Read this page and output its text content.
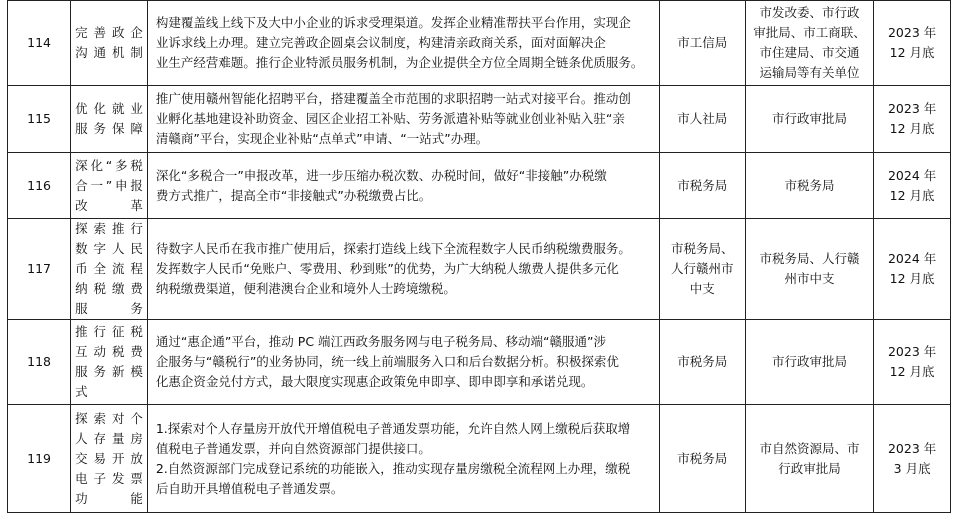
114	完善政企
沟通机制	构建覆盖线上线下及大中小企业的诉求受理渠道。发挥企业精准帮扶平台作用，实现企
业诉求线上办理。建立完善政企圆桌会议制度，构建清亲政商关系，面对面解决企
业生产经营难题。推行企业特派员服务机制，为企业提供全方位全周期全链条优质服务。	市工信局	市发改委、市行政
审批局、市工商联、
市住建局、市交通
运输局等有关单位	2023 年
12 月底

115	优化就业
服务保障	推广使用赣州智能化招聘平台，搭建覆盖全市范围的求职招聘一站式对接平台。推动创
业孵化基地建设补助资金、园区企业招工补贴、劳务派遣补贴等就业创业补贴入驻“亲
清赣商”平台，实现企业补贴“点单式”申请、“一站式”办理。	市人社局	市行政审批局	2023 年
12 月底

116	深化“多税
合一”申报
改革	深化“多税合一”申报改革，进一步压缩办税次数、办税时间，做好“非接触”办税缴
费方式推广，提高全市“非接触式”办税缴费占比。	市税务局	市税务局	2024 年
12 月底

117	探索推行
数字人民
币全流程
纳税缴费
服务	待数字人民币在我市推广使用后，探索打造线上线下全流程数字人民币纳税缴费服务。
发挥数字人民币“免账户、零费用、秒到账”的优势，为广大纳税人缴费人提供多元化
纳税缴费渠道，便利港澳台企业和境外人士跨境缴税。	市税务局、
人行赣州市
中支	市税务局、人行赣
州市中支	2024 年
12 月底

118	推行征税
互动税费
服务新模
式	通过“惠企通”平台，推动 PC 端江西政务服务网与电子税务局、移动端“赣服通”涉
企服务与“赣税行”的业务协同，统一线上前端服务入口和后台数据分析。积极探索优
化惠企资金兑付方式，最大限度实现惠企政策免申即享、即申即享和承诺兑现。	市税务局	市行政审批局	2023 年
12 月底

119	探索对个
人存量房
交易开放
电子发票
功能	1.探索对个人存量房开放代开增值税电子普通发票功能，允许自然人网上缴税后获取增
值税电子普通发票，并向自然资源部门提供接口。
2.自然资源部门完成登记系统的功能嵌入，推动实现存量房缴税全流程网上办理，缴税
后自助开具增值税电子普通发票。	市税务局	市自然资源局、市
行政审批局	2023 年
3 月底
